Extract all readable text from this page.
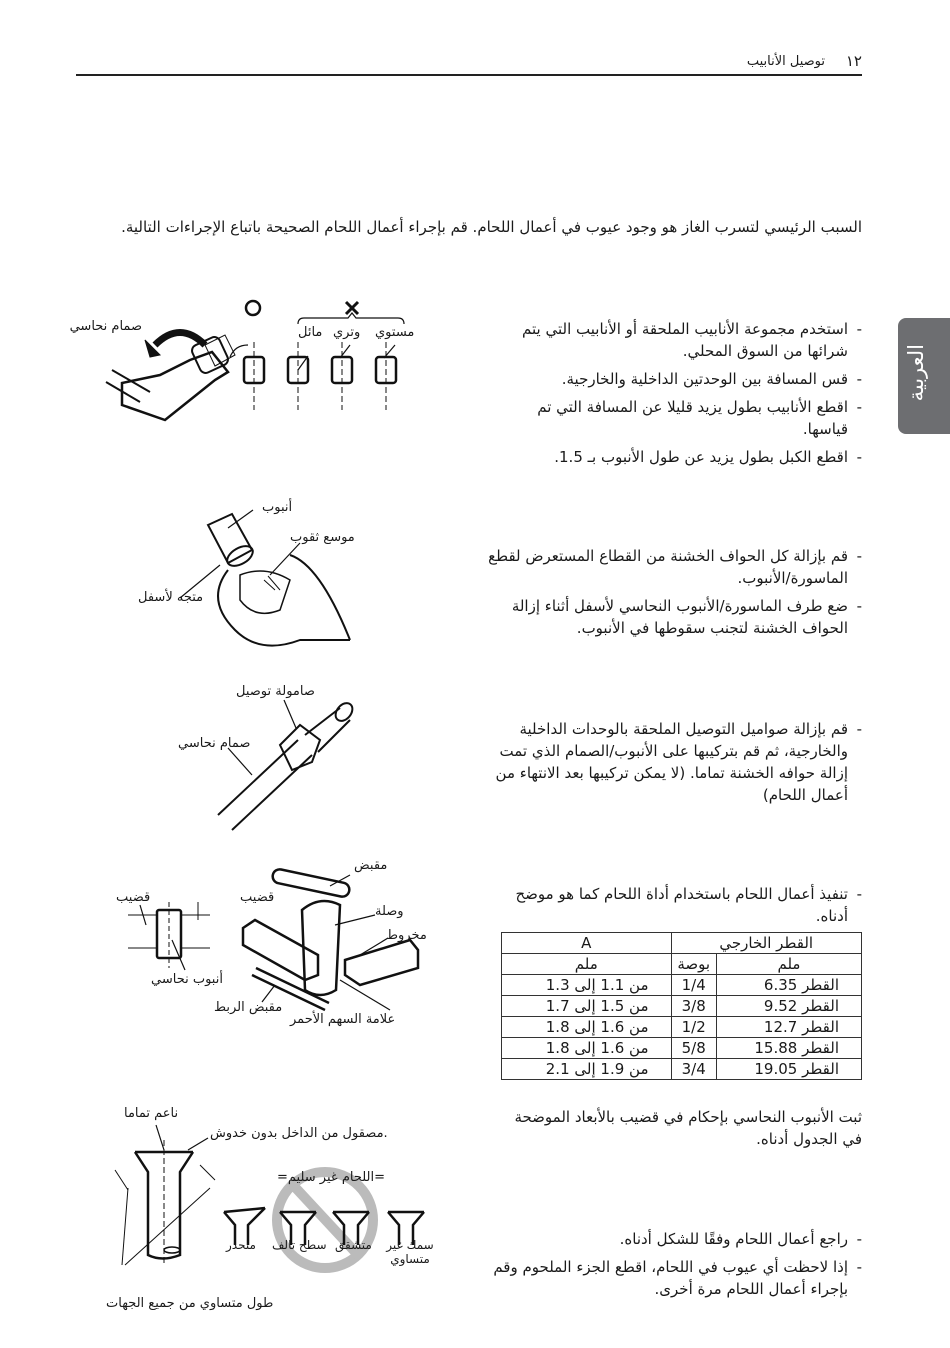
توصيل الأنابيب ١٢
العربية
السبب الرئيسي لتسرب الغاز هو وجود عيوب في أعمال اللحام. قم بإجراء أعمال اللحام الصحيحة باتباع الإجراءات التالية.
- استخدم مجموعة الأنابيب الملحقة أو الأنابيب التي يتم شرائها من السوق المحلي.
- قس المسافة بين الوحدتين الداخلية والخارجية.
- اقطع الأنابيب بطول يزيد قليلا عن المسافة التي تم قياسها.
- اقطع الكبل بطول يزيد عن طول الأنبوب بـ 1.5.
صمام نحاسي	مستوي
وتري
مائل
- قم بإزالة كل الحواف الخشنة من القطاع المستعرض لقطع الماسورة/الأنبوب.
- ضع طرف الماسورة/الأنبوب النحاسي لأسفل أثناء إزالة الحواف الخشنة لتجنب سقوطها في الأنبوب.
أنبوب
موسع ثقوب
متجه لأسفل
- قم بإزالة صواميل التوصيل الملحقة بالوحدات الداخلية والخارجية، ثم قم بتركيبها على الأنبوب/الصمام الذي تمت إزالة حوافه الخشنة تماما. (لا يمكن تركيبها بعد الانتهاء من أعمال اللحام)
صامولة توصيل
صمام نحاسي
- تنفيذ أعمال اللحام باستخدام أداة اللحام كما هو موضح أدناه.
القطر الخارجي		A
ملم	بوصة	ملم
القطر 6.35	1/4	من 1.1 إلى 1.3
القطر 9.52	3/8	من 1.5 إلى 1.7
القطر 12.7	1/2	من 1.6 إلى 1.8
القطر 15.88	5/8	من 1.6 إلى 1.8
القطر 19.05	3/4	من 1.9 إلى 2.1
ثبت الأنبوب النحاسي بإحكام في قضيب بالأبعاد الموضحة في الجدول أدناه.
قضيب
أنبوب نحاسي
مقبض
قضيب
وصلة
مخروط
مقبض الربط
علامة السهم الأحمر
- راجع أعمال اللحام وفقًا للشكل أدناه.
- إذا لاحظت أي عيوب في اللحام، اقطع الجزء الملحوم وقم بإجراء أعمال اللحام مرة أخرى.
ناعم تماما
مصقول من الداخل بدون خدوش.
طول متساوي من جميع الجهات
=اللحام غير سليم=
منحدر سطح تالف متشقق سمك غير متساوي
